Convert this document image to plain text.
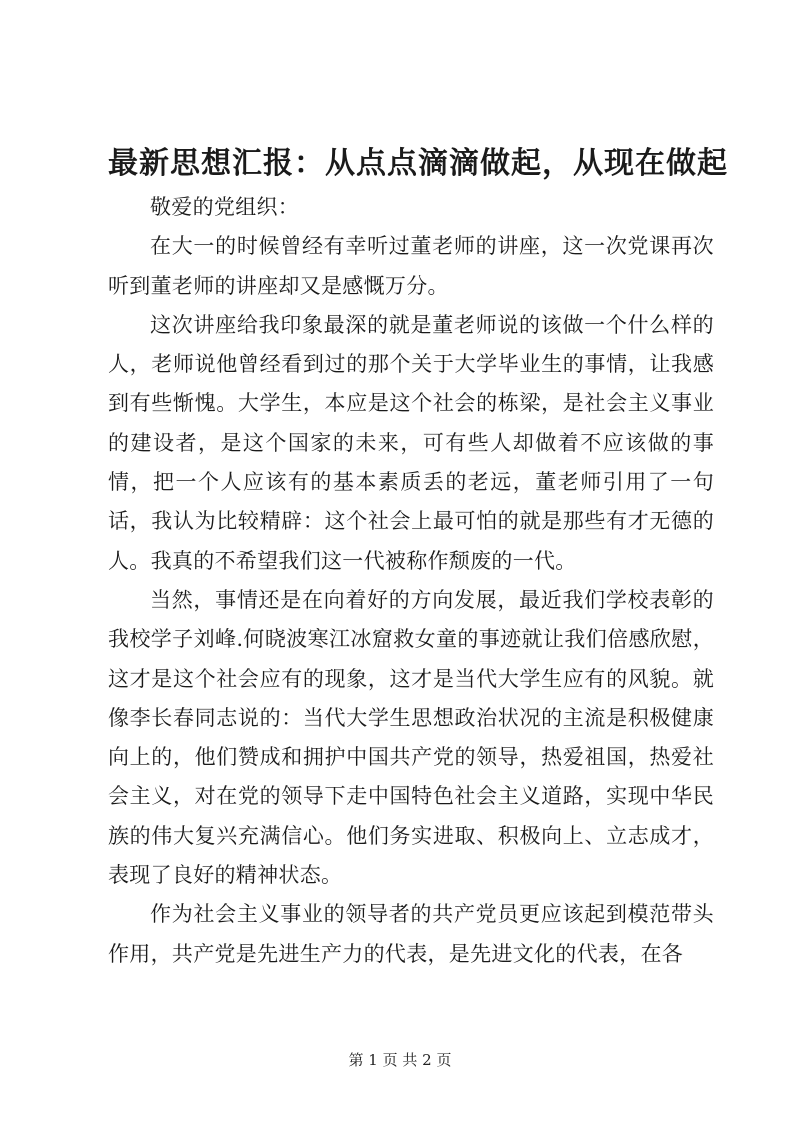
最新思想汇报：从点点滴滴做起，从现在做起

敬爱的党组织：

在大一的时候曾经有幸听过董老师的讲座，这一次党课再次听到董老师的讲座却又是感慨万分。

这次讲座给我印象最深的就是董老师说的该做一个什么样的人，老师说他曾经看到过的那个关于大学毕业生的事情，让我感到有些惭愧。大学生，本应是这个社会的栋梁，是社会主义事业的建设者，是这个国家的未来，可有些人却做着不应该做的事情，把一个人应该有的基本素质丢的老远，董老师引用了一句话，我认为比较精辟：这个社会上最可怕的就是那些有才无德的人。我真的不希望我们这一代被称作颓废的一代。

当然，事情还是在向着好的方向发展，最近我们学校表彰的我校学子刘峰.何晓波寒江冰窟救女童的事迹就让我们倍感欣慰，这才是这个社会应有的现象，这才是当代大学生应有的风貌。就像李长春同志说的：当代大学生思想政治状况的主流是积极健康向上的，他们赞成和拥护中国共产党的领导，热爱祖国，热爱社会主义，对在党的领导下走中国特色社会主义道路，实现中华民族的伟大复兴充满信心。他们务实进取、积极向上、立志成才，表现了良好的精神状态。

作为社会主义事业的领导者的共产党员更应该起到模范带头作用，共产党是先进生产力的代表，是先进文化的代表，在各

第 1 页 共 2 页
